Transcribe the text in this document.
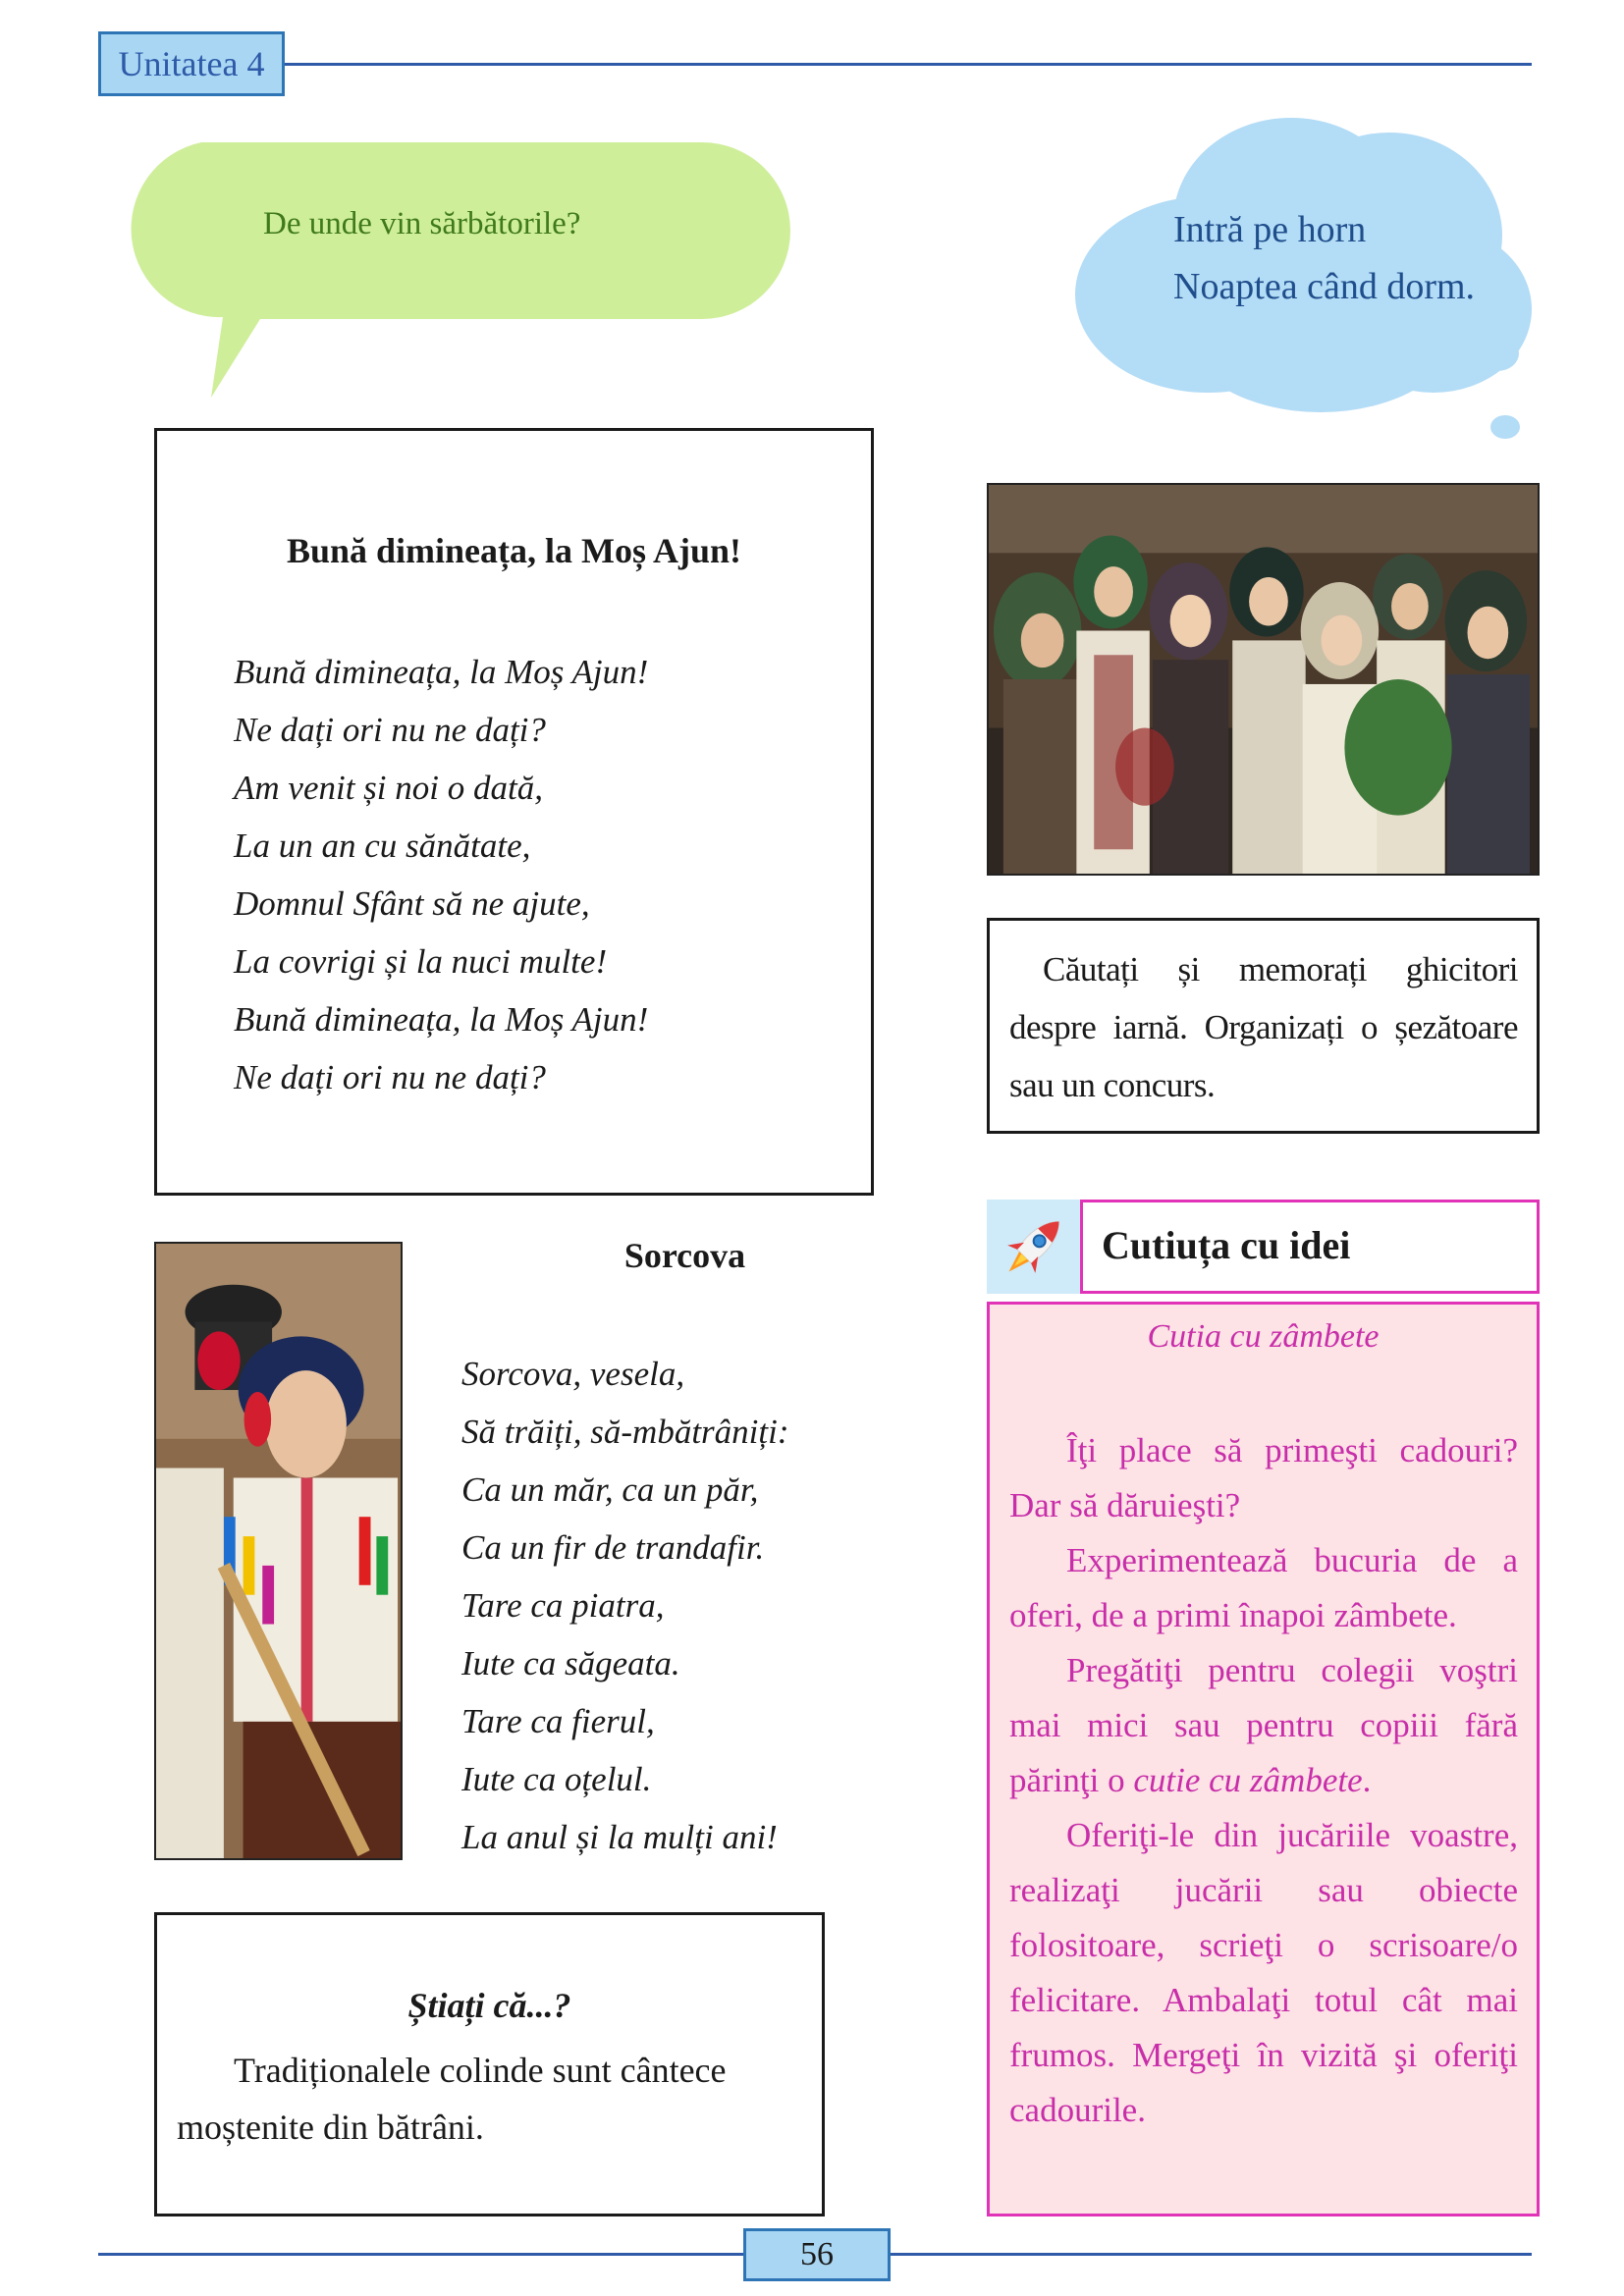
Unitatea 4
De unde vin sărbătorile?	Intră pe horn
Noaptea când dorm.
Bună dimineața, la Moș Ajun!
Bună dimineața, la Moș Ajun!
Ne dați ori nu ne dați?
Am venit și noi o dată,
La un an cu sănătate,
Domnul Sfânt să ne ajute,
La covrigi și la nuci multe!
Bună dimineața, la Moș Ajun!
Ne dați ori nu ne dați?

Căutați și memorați ghicitori despre iarnă. Organizați o șezătoare sau un concurs.

Sorcova
Sorcova, vesela,
Să trăiți, să-mbătrâniți:
Ca un măr, ca un păr,
Ca un fir de trandafir.
Tare ca piatra,
Iute ca săgeata.
Tare ca fierul,
Iute ca oțelul.
La anul și la mulți ani!
Știați că...?

Tradiționalele colinde sunt cântece moștenite din bătrâni.

Cutiuța cu idei
Cutia cu zâmbete

Îţi place să primeşti cadouri? Dar să dăruieşti?

Experimentează bucuria de a oferi, de a primi înapoi zâmbete.

Pregătiţi pentru colegii voştri mai mici sau pentru copiii fără părinţi o cutie cu zâmbete.

Oferiţi-le din jucăriile voastre, realizaţi jucării sau obiecte folositoare, scrieţi o scrisoare/o felicitare. Ambalaţi totul cât mai frumos. Mergeţi în vizită şi oferiţi cadourile.

56
